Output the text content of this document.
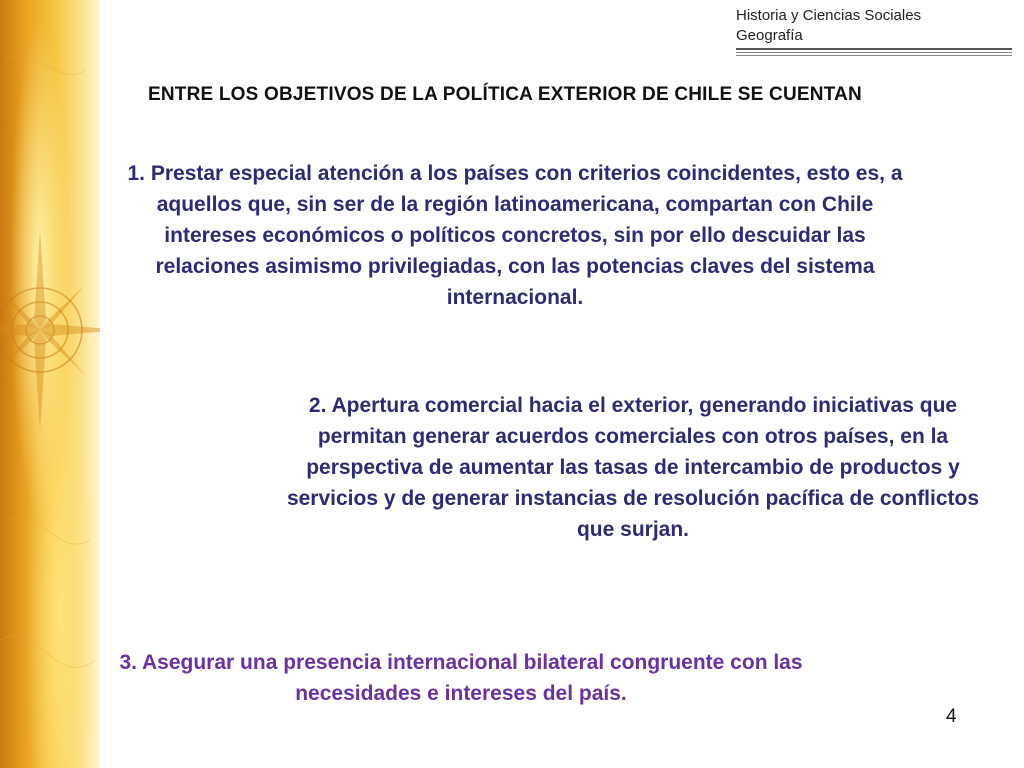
Historia y Ciencias Sociales
Geografía
ENTRE LOS OBJETIVOS DE LA POLÍTICA EXTERIOR DE CHILE SE CUENTAN
1. Prestar especial atención a los países con criterios coincidentes, esto es, a aquellos que, sin ser de la región latinoamericana, compartan con Chile intereses económicos o políticos concretos, sin por ello descuidar las relaciones asimismo privilegiadas, con las potencias claves del sistema internacional.
2. Apertura comercial hacia el exterior, generando iniciativas que permitan generar acuerdos comerciales con otros países, en la perspectiva de aumentar las tasas de intercambio de productos y servicios y de generar instancias de resolución pacífica de conflictos que surjan.
3. Asegurar una presencia internacional bilateral congruente con las necesidades e intereses del país.
4
